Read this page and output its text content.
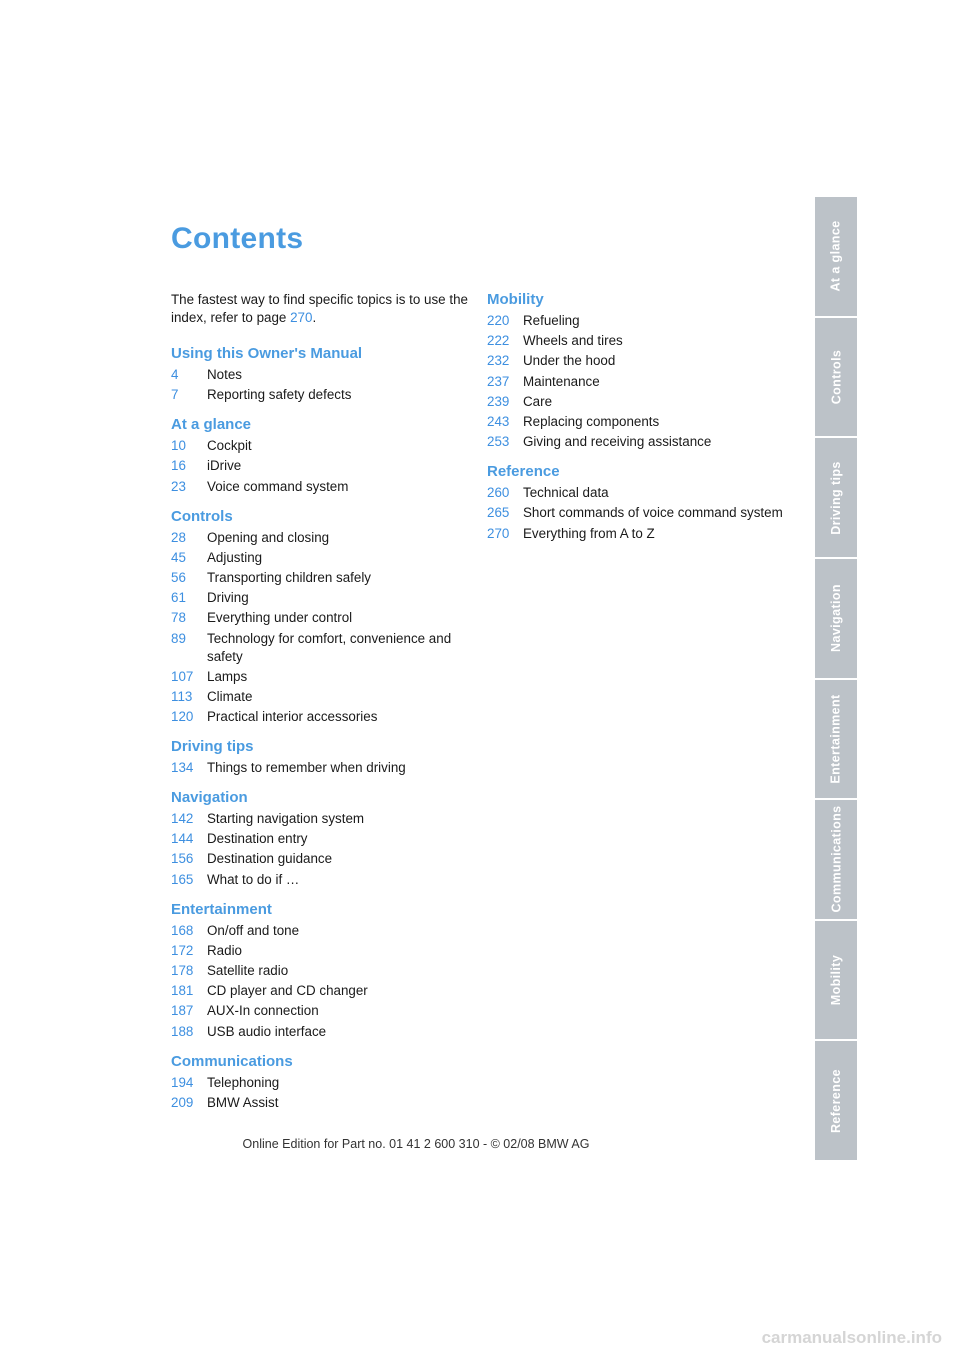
Contents
The fastest way to find specific topics is to use the index, refer to page 270.
Using this Owner's Manual
4	Notes
7	Reporting safety defects
At a glance
10	Cockpit
16	iDrive
23	Voice command system
Controls
28	Opening and closing
45	Adjusting
56	Transporting children safely
61	Driving
78	Everything under control
89	Technology for comfort, convenience and safety
107	Lamps
113	Climate
120	Practical interior accessories
Driving tips
134	Things to remember when driving
Navigation
142	Starting navigation system
144	Destination entry
156	Destination guidance
165	What to do if …
Entertainment
168	On/off and tone
172	Radio
178	Satellite radio
181	CD player and CD changer
187	AUX-In connection
188	USB audio interface
Communications
194	Telephoning
209	BMW Assist
Mobility
220	Refueling
222	Wheels and tires
232	Under the hood
237	Maintenance
239	Care
243	Replacing components
253	Giving and receiving assistance
Reference
260	Technical data
265	Short commands of voice command system
270	Everything from A to Z
At a glance
Controls
Driving tips
Navigation
Entertainment
Communications
Mobility
Reference
Online Edition for Part no. 01 41 2 600 310 - © 02/08 BMW AG
carmanualsonline.info
